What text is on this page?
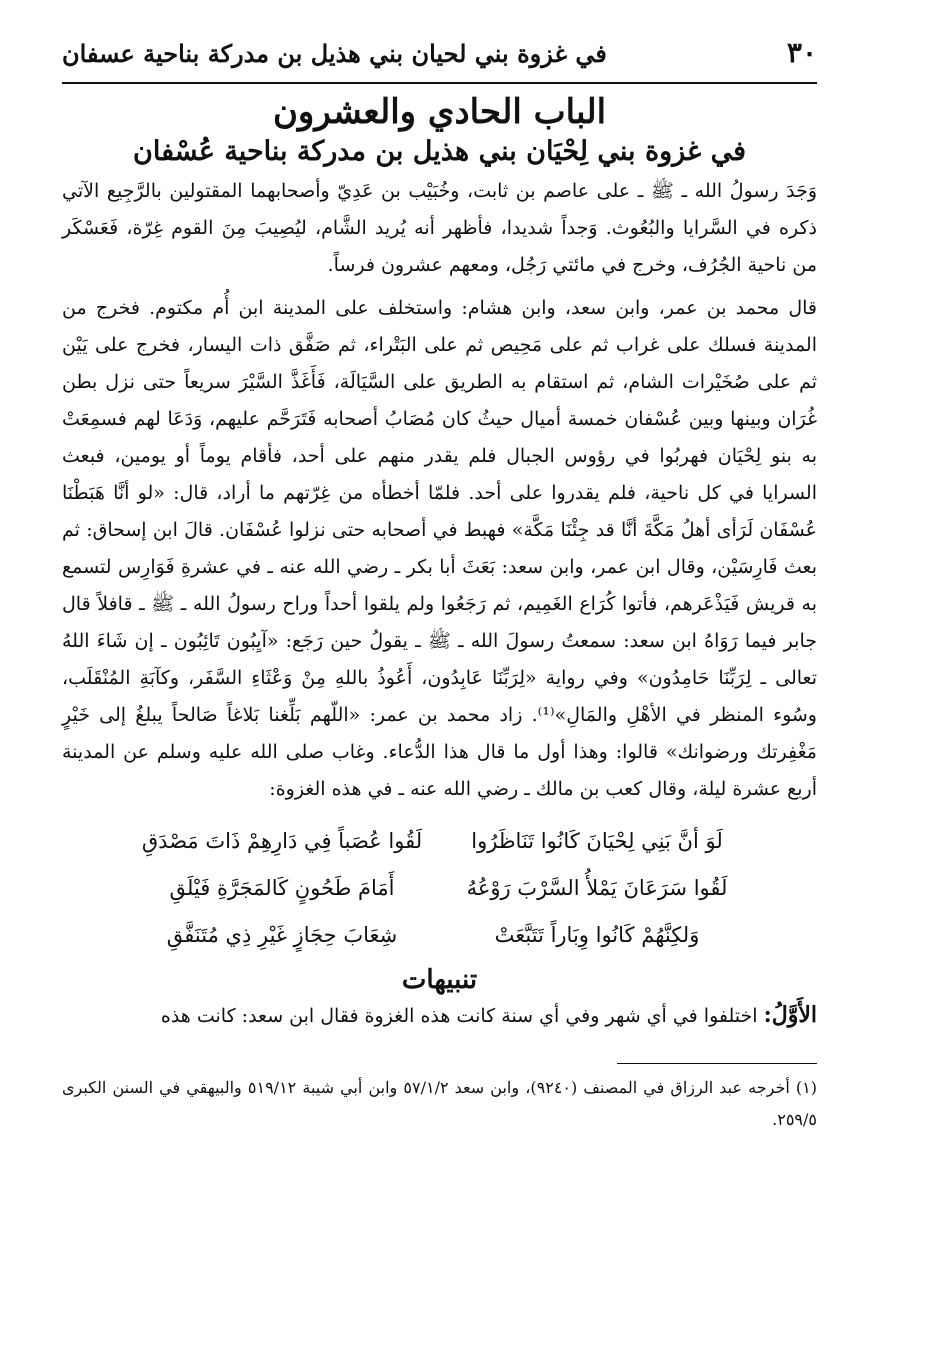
٣٠
في غزوة بني لحيان بني هذيل بن مدركة بناحية عسفان
الباب الحادي والعشرون
في غزوة بني لِحْيَان بني هذيل بن مدركة بناحية عُسْفان

وَجَدَ رسولُ الله ـ ﷺ ـ على عاصم بن ثابت، وخُبَيْب بن عَدِيّ وأصحابهما المقتولين بالرَّجِيع الآتي ذكره في السَّرايا والبُعُوث. وَجداً شديدا، فأظهر أنه يُريد الشَّام، ليُصِيبَ مِنَ القوم غِرّة، فَعَسْكَر من ناحية الجُرُف، وخرج في مائتي رَجُل، ومعهم عشرون فرساً.

قال محمد بن عمر، وابن سعد، وابن هشام: واستخلف على المدينة ابن أُم مكتوم. فخرج من المدينة فسلك على غراب ثم على مَحِيص ثم على البَتْراء، ثم صَفَّق ذات اليسار، فخرج على يَيْن ثم على صُخَيْرات الشام، ثم استقام به الطريق على السَّيَالَة، فَأَغَذَّ السَّيْرَ سريعاً حتى نزل بطن غُرَان وبينها وبين عُسْفان خمسة أميال حيثُ كان مُصَابُ أصحابه فَتَرَحَّم عليهم، وَدَعَا لهم فسمِعَتْ به بنو لِحْيَان فهربُوا في رؤوس الجبال فلم يقدر منهم على أحد، فأقام يوماً أو يومين، فبعث السرايا في كل ناحية، فلم يقدروا على أحد. فلمّا أخطأه من غِرّتهم ما أراد، قال: «لو أنَّا هَبَطْنَا عُسْفَان لَرَأى أهلُ مَكَّةَ أنَّا قد جِئْنَا مَكَّة» فهبط في أصحابه حتى نزلوا عُسْفَان. قالَ ابن إسحاق: ثم بعث فَارِسَيْن، وقال ابن عمر، وابن سعد: بَعَثَ أبا بكر ـ رضي الله عنه ـ في عشرةِ فَوَارِس لتسمع به قريش فَيَذْعَرهم، فأتوا كُرَاع الغَمِيم، ثم رَجَعُوا ولم يلقوا أحداً وراح رسولُ الله ـ ﷺ ـ قافلاً قال جابر فيما رَوَاهُ ابن سعد: سمعتُ رسولَ الله ـ ﷺ ـ يقولُ حين رَجَع: «آيِبُون تَائِبُون ـ إن شَاءَ اللهُ تعالى ـ لِرَبِّنَا حَامِدُون» وفي رواية «لِرَبِّنَا عَابِدُون، أَعُوذُ باللهِ مِنْ وَعْثَاءِ السَّفَر، وكآبَةِ المُنْقَلَب، وسُوء المنظر في الأهْلِ والمَالِ»⁽¹⁾. زاد محمد بن عمر: «اللّهم بَلِّغنا بَلاغاً صَالحاً يبلغُ إلى خَيْرٍ مَغْفِرتك ورضوانك» قالوا: وهذا أول ما قال هذا الدُّعاء. وغاب صلى الله عليه وسلم عن المدينة أربع عشرة ليلة، وقال كعب بن مالك ـ رضي الله عنه ـ في هذه الغزوة:

لَوَ أنَّ بَنِي لِحْيَانَ كَانُوا تَنَاظَرُوا
لَقُوا عُصَباً فِي دَارِهِمْ ذَاتَ مَصْدَقِ
لَقُوا سَرَعَانَ يَمْلأُ السَّرْبَ رَوْعُهُ
أَمَامَ طَحُونٍ كَالمَجَرَّةِ فَيْلَقِ
وَلكِنَّهُمْ كَانُوا وِبَاراً تَتَبَّعَتْ
شِعَابَ حِجَازٍ غَيْرِ ذِي مُتَنَفَّقِ
تنبيهات

الأَوَّلُ: اختلفوا في أي شهر وفي أي سنة كانت هذه الغزوة فقال ابن سعد: كانت هذه

(١) أخرجه عبد الرزاق في المصنف (٩٢٤٠)، وابن سعد ٥٧/١/٢ وابن أبي شيبة ٥١٩/١٢ والبيهقي في السنن الكبرى ٢٥٩/٥.
